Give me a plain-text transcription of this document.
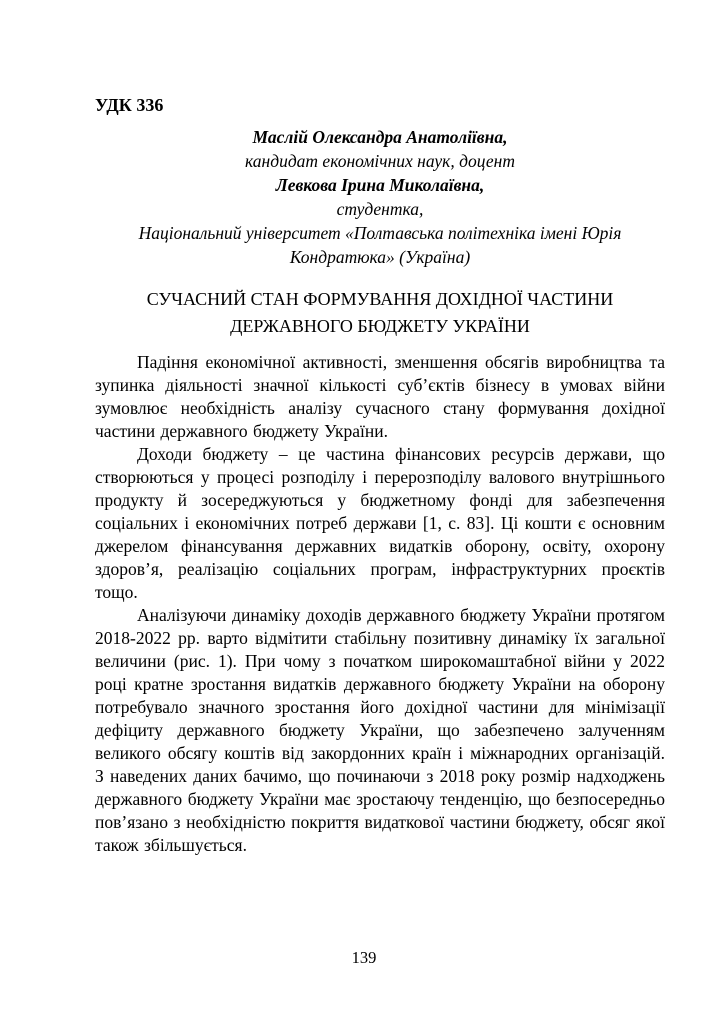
УДК 336
Маслій Олександра Анатоліївна,
кандидат економічних наук, доцент
Левкова Ірина Миколаївна,
студентка,
Національний університет «Полтавська політехніка імені Юрія Кондратюка» (Україна)
СУЧАСНИЙ СТАН ФОРМУВАННЯ ДОХІДНОЇ ЧАСТИНИ ДЕРЖАВНОГО БЮДЖЕТУ УКРАЇНИ

Падіння економічної активності, зменшення обсягів виробництва та зупинка діяльності значної кількості суб’єктів бізнесу в умовах війни зумовлює необхідність аналізу сучасного стану формування дохідної частини державного бюджету України.

Доходи бюджету – це частина фінансових ресурсів держави, що створюються у процесі розподілу і перерозподілу валового внутрішнього продукту й зосереджуються у бюджетному фонді для забезпечення соціальних і економічних потреб держави [1, с. 83]. Ці кошти є основним джерелом фінансування державних видатків оборону, освіту, охорону здоров’я, реалізацію соціальних програм, інфраструктурних проєктів тощо.

Аналізуючи динаміку доходів державного бюджету України протягом 2018-2022 рр. варто відмітити стабільну позитивну динаміку їх загальної величини (рис. 1). При чому з початком широкомаштабної війни у 2022 році кратне зростання видатків державного бюджету України на оборону потребувало значного зростання його дохідної частини для мінімізації дефіциту державного бюджету України, що забезпечено залученням великого обсягу коштів від закордонних країн і міжнародних організацій. З наведених даних бачимо, що починаючи з 2018 року розмір надходжень державного бюджету України має зростаючу тенденцію, що безпосередньо пов’язано з необхідністю покриття видаткової частини бюджету, обсяг якої також збільшується.

139
